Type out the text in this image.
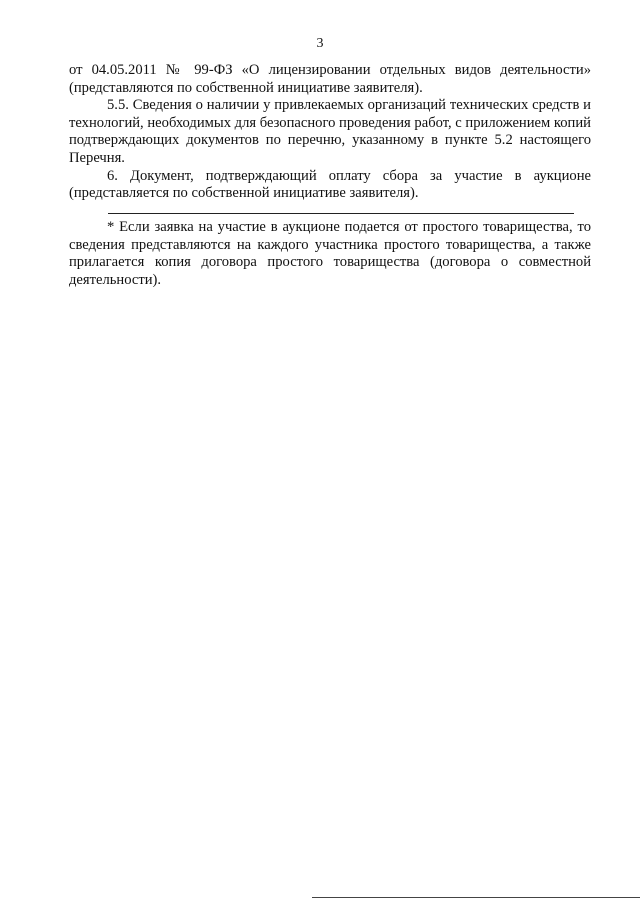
3

от 04.05.2011 № 99-ФЗ «О лицензировании отдельных видов деятельности» (представляются по собственной инициативе заявителя).

5.5. Сведения о наличии у привлекаемых организаций технических средств и технологий, необходимых для безопасного проведения работ, с приложением копий подтверждающих документов по перечню, указанному в пункте 5.2 настоящего Перечня.

6. Документ, подтверждающий оплату сбора за участие в аукционе (представляется по собственной инициативе заявителя).

* Если заявка на участие в аукционе подается от простого товарищества, то сведения представляются на каждого участника простого товарищества, а также прилагается копия договора простого товарищества (договора о совместной деятельности).
